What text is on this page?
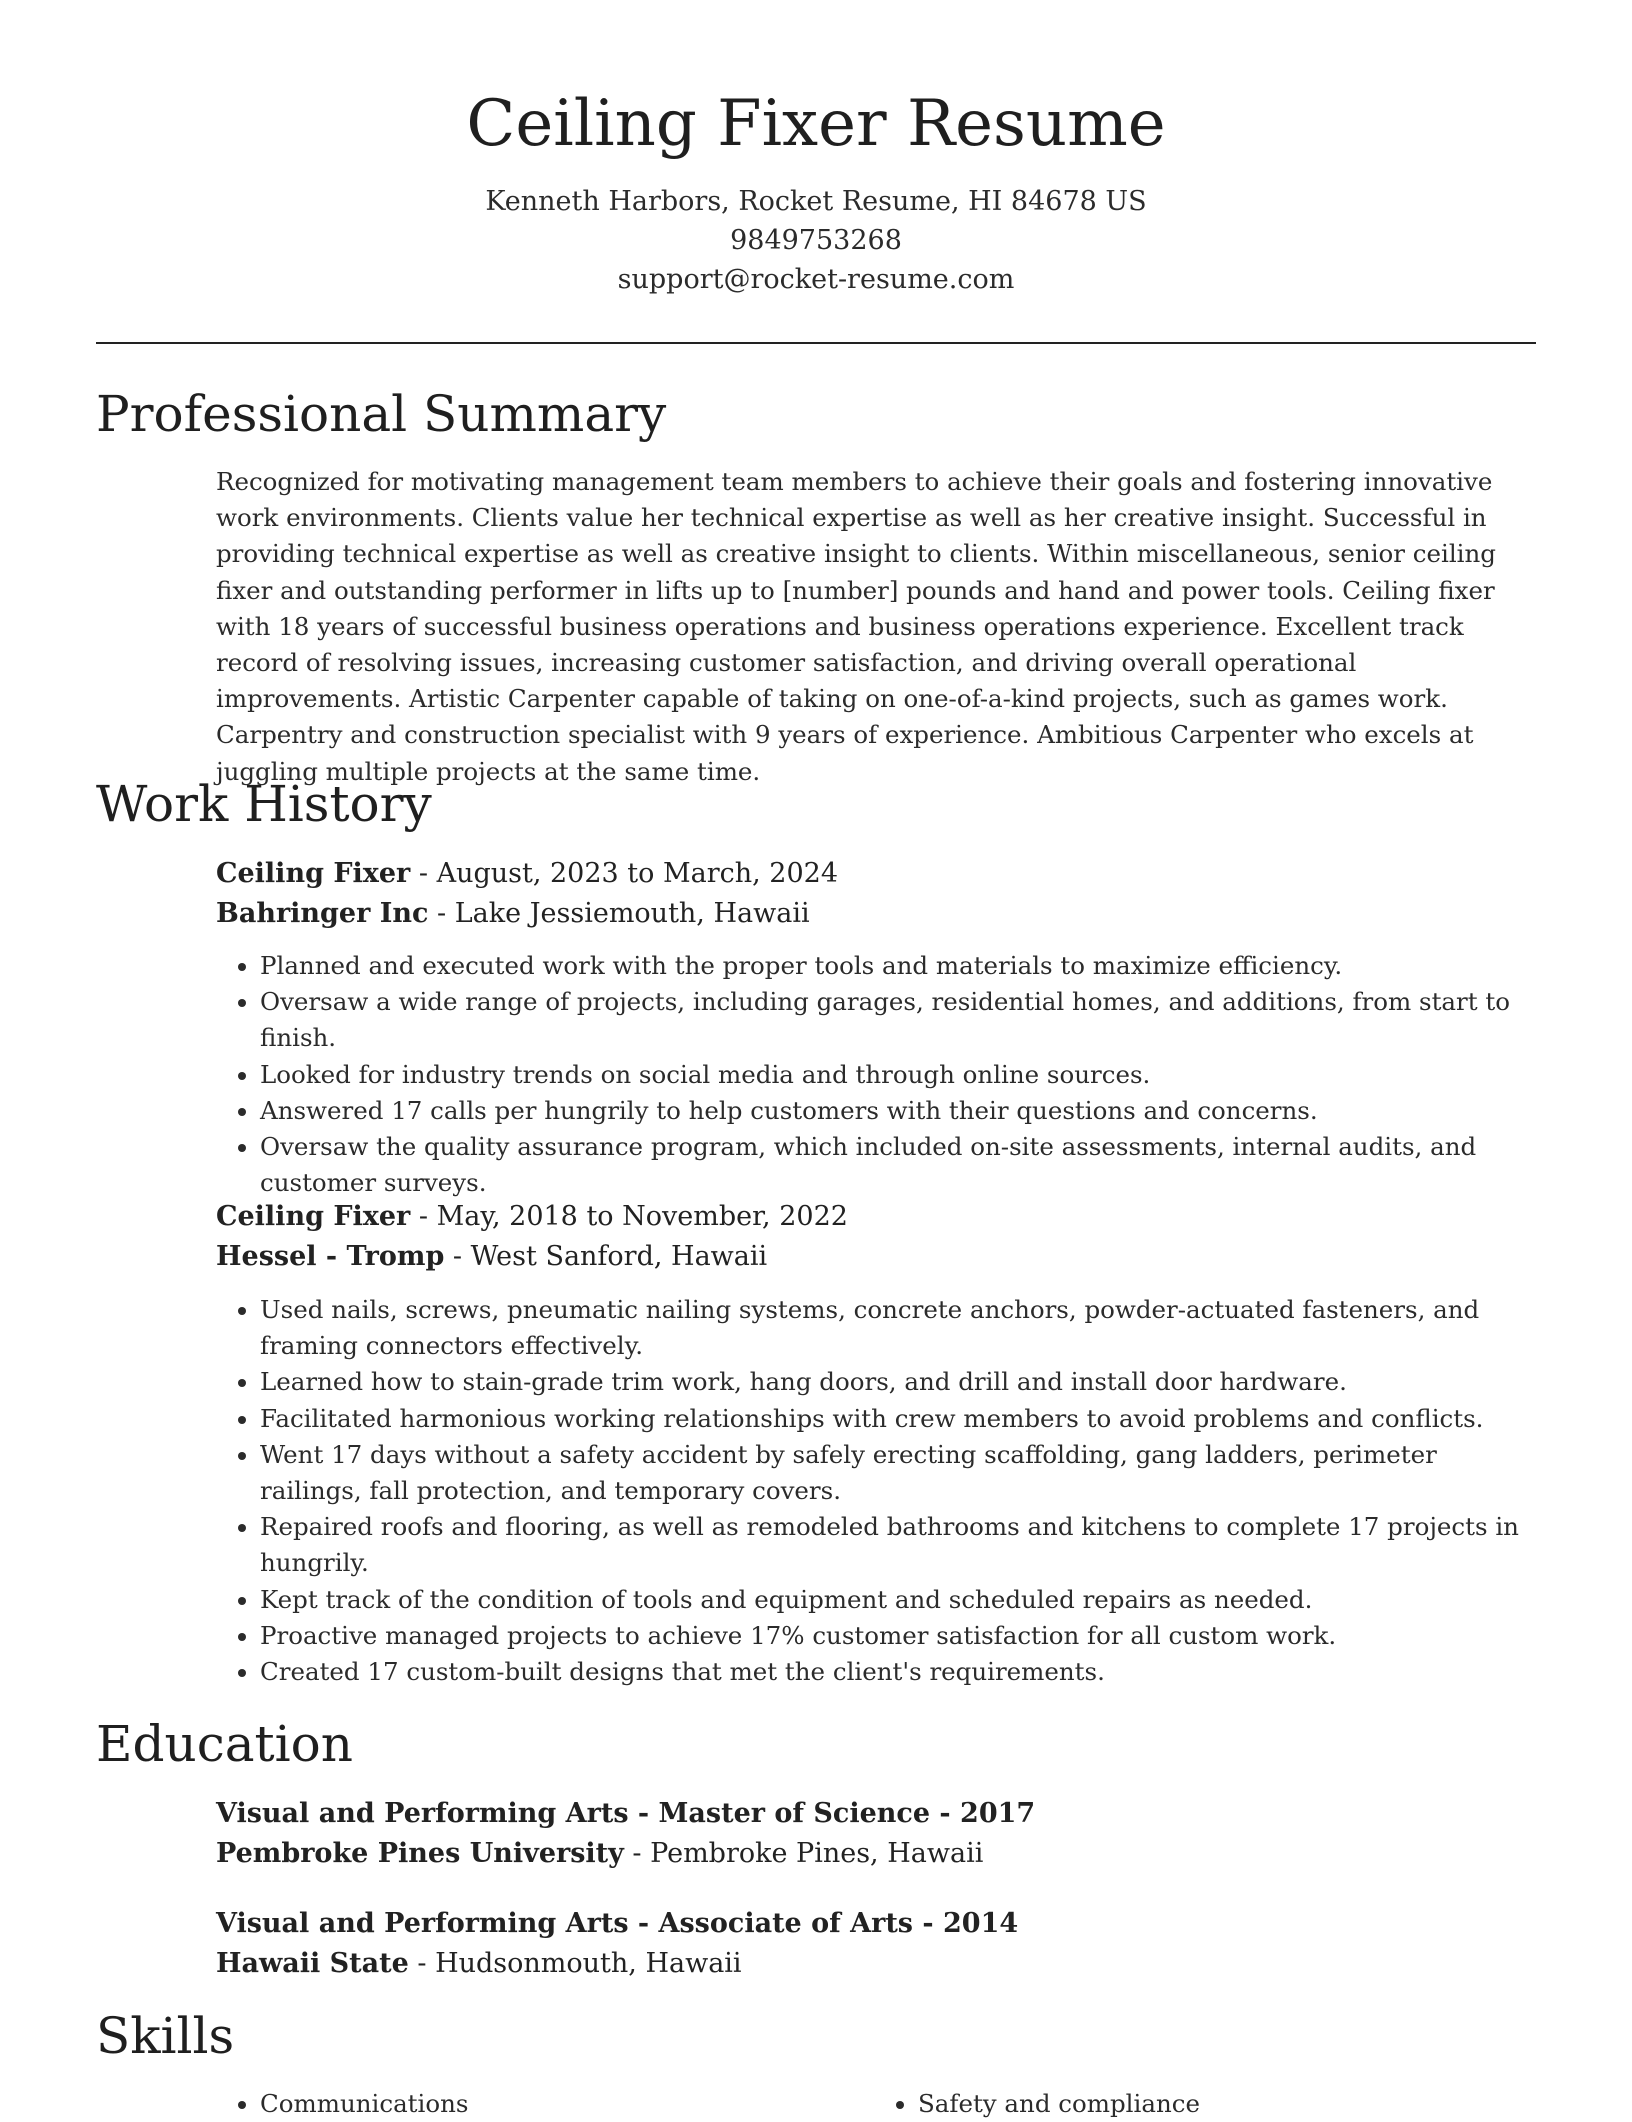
Ceiling Fixer Resume
Kenneth Harbors, Rocket Resume, HI 84678 US
9849753268
support@rocket-resume.com
Professional Summary

Recognized for motivating management team members to achieve their goals and fostering innovative work environments. Clients value her technical expertise as well as her creative insight. Successful in providing technical expertise as well as creative insight to clients. Within miscellaneous, senior ceiling fixer and outstanding performer in lifts up to [number] pounds and hand and power tools. Ceiling fixer with 18 years of successful business operations and business operations experience. Excellent track record of resolving issues, increasing customer satisfaction, and driving overall operational improvements. Artistic Carpenter capable of taking on one-of-a-kind projects, such as games work. Carpentry and construction specialist with 9 years of experience. Ambitious Carpenter who excels at juggling multiple projects at the same time.

Work History
Ceiling Fixer - August, 2023 to March, 2024
Bahringer Inc - Lake Jessiemouth, Hawaii
• Planned and executed work with the proper tools and materials to maximize efficiency.
• Oversaw a wide range of projects, including garages, residential homes, and additions, from start to finish.
• Looked for industry trends on social media and through online sources.
• Answered 17 calls per hungrily to help customers with their questions and concerns.
• Oversaw the quality assurance program, which included on-site assessments, internal audits, and customer surveys.
Ceiling Fixer - May, 2018 to November, 2022
Hessel - Tromp - West Sanford, Hawaii
• Used nails, screws, pneumatic nailing systems, concrete anchors, powder-actuated fasteners, and framing connectors effectively.
• Learned how to stain-grade trim work, hang doors, and drill and install door hardware.
• Facilitated harmonious working relationships with crew members to avoid problems and conflicts.
• Went 17 days without a safety accident by safely erecting scaffolding, gang ladders, perimeter railings, fall protection, and temporary covers.
• Repaired roofs and flooring, as well as remodeled bathrooms and kitchens to complete 17 projects in hungrily.
• Kept track of the condition of tools and equipment and scheduled repairs as needed.
• Proactive managed projects to achieve 17% customer satisfaction for all custom work.
• Created 17 custom-built designs that met the client's requirements.
Education
Visual and Performing Arts - Master of Science - 2017
Pembroke Pines University - Pembroke Pines, Hawaii
Visual and Performing Arts - Associate of Arts - 2014
Hawaii State - Hudsonmouth, Hawaii
Skills
• Communications
•	Safety and compliance
